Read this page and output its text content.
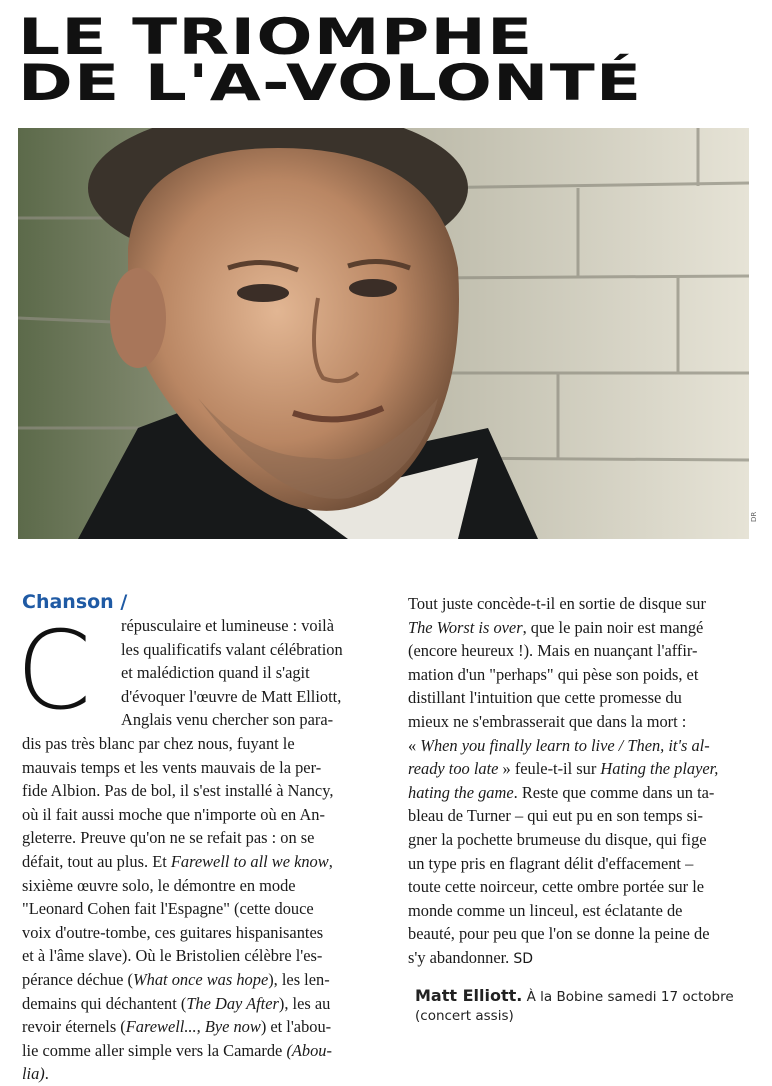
LE TRIOMPHE
DE L'A-VOLONTÉ
DR
Chanson /
C	répusculaire et lumineuse : voilà
les qualificatifs valant célébration
et malédiction quand il s'agit
d'évoquer l'œuvre de Matt Elliott,
Anglais venu chercher son para-
dis pas très blanc par chez nous, fuyant le
mauvais temps et les vents mauvais de la per-
fide Albion. Pas de bol, il s'est installé à Nancy,
où il fait aussi moche que n'importe où en An-
gleterre. Preuve qu'on ne se refait pas : on se
défait, tout au plus. Et Farewell to all we know,
sixième œuvre solo, le démontre en mode
"Leonard Cohen fait l'Espagne" (cette douce
voix d'outre-tombe, ces guitares hispanisantes
et à l'âme slave). Où le Bristolien célèbre l'es-
pérance déchue (What once was hope), les len-
demains qui déchantent (The Day After), les au
revoir éternels (Farewell..., Bye now) et l'abou-
lie comme aller simple vers la Camarde (Abou-
lia).
Tout juste concède-t-il en sortie de disque sur
The Worst is over, que le pain noir est mangé
(encore heureux !). Mais en nuançant l'affir-
mation d'un "perhaps" qui pèse son poids, et
distillant l'intuition que cette promesse du
mieux ne s'embrasserait que dans la mort :
« When you finally learn to live / Then, it's al-
ready too late » feule-t-il sur Hating the player,
hating the game. Reste que comme dans un ta-
bleau de Turner – qui eut pu en son temps si-
gner la pochette brumeuse du disque, qui fige
un type pris en flagrant délit d'effacement –
toute cette noirceur, cette ombre portée sur le
monde comme un linceul, est éclatante de
beauté, pour peu que l'on se donne la peine de
s'y abandonner. SD
Matt Elliott. À la Bobine samedi 17 octobre
(concert assis)
